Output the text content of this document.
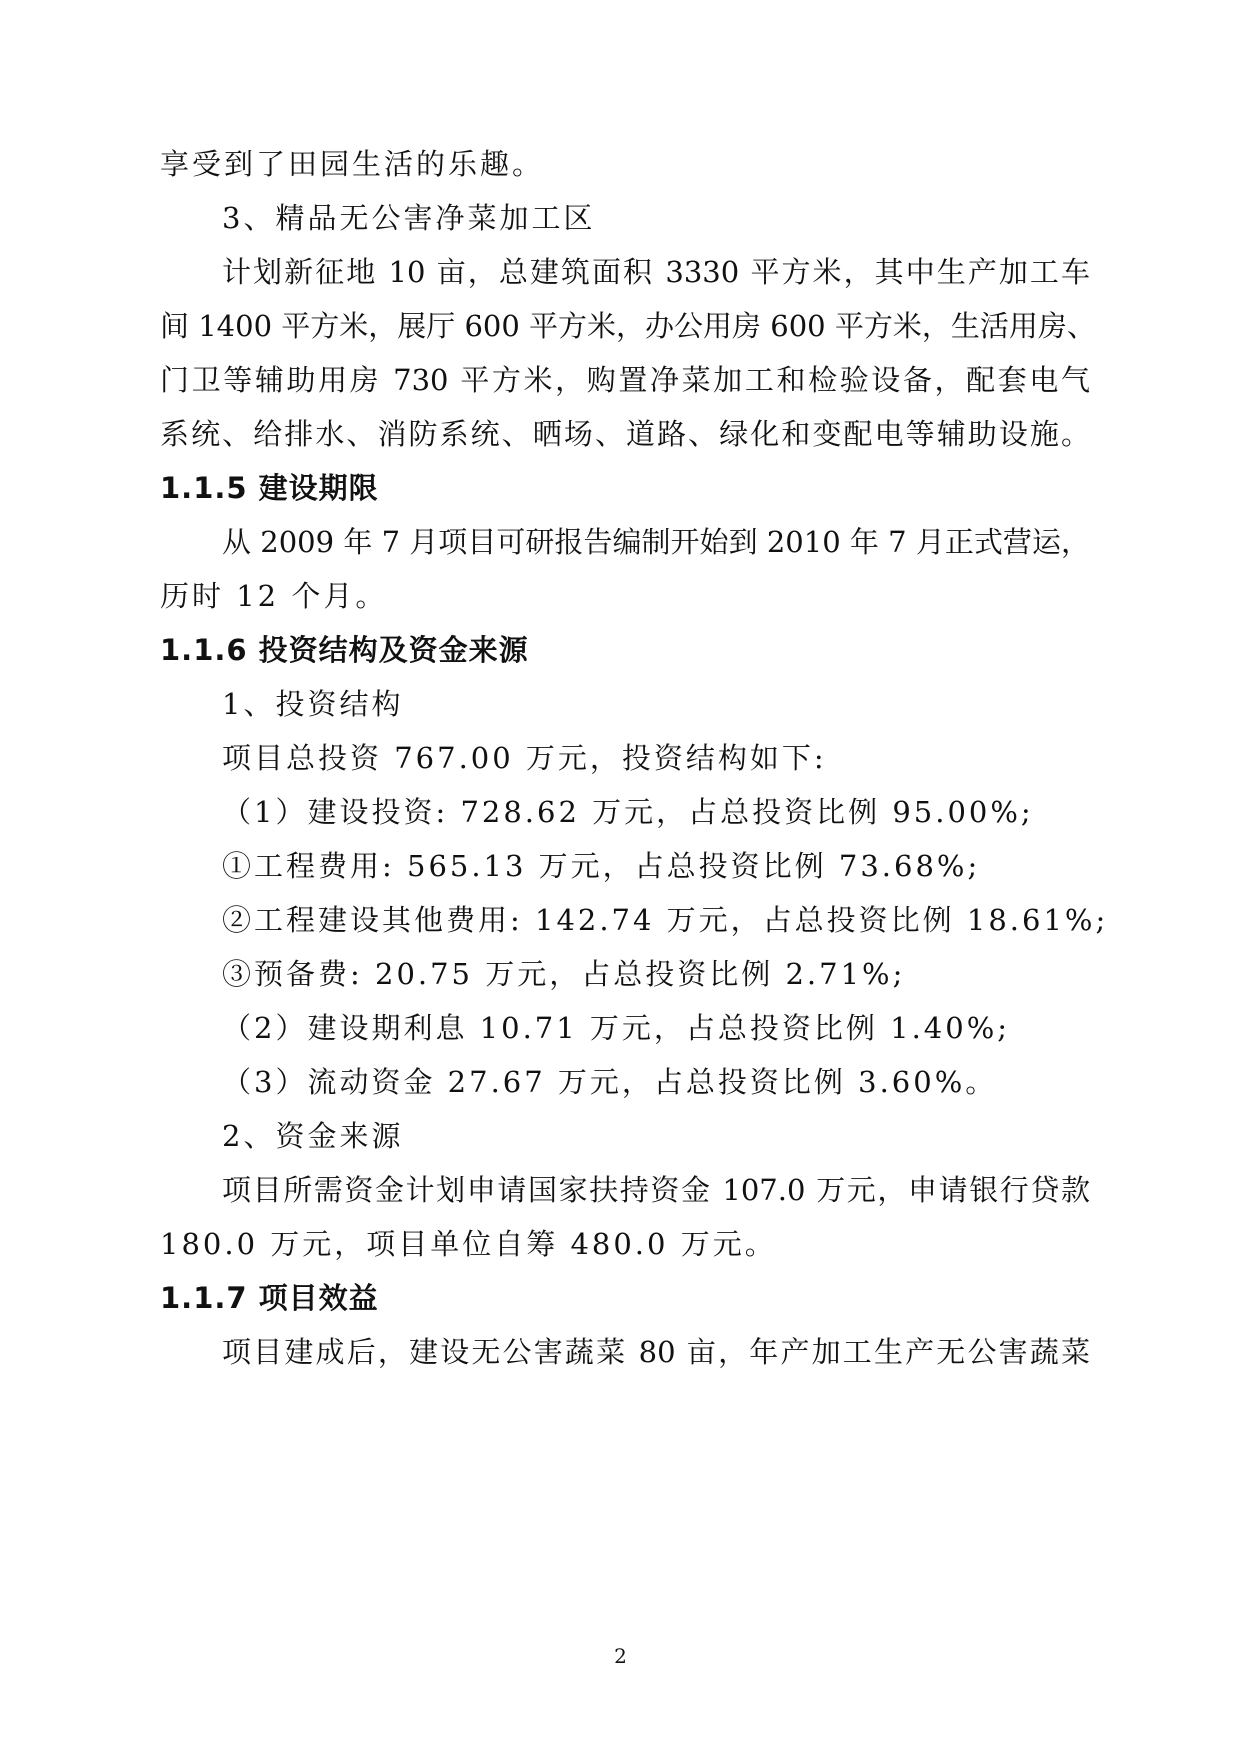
享受到了田园生活的乐趣。
3、精品无公害净菜加工区
计划新征地 10 亩，总建筑面积 3330 平方米，其中生产加工车
间 1400 平方米，展厅 600 平方米，办公用房 600 平方米，生活用房、
门卫等辅助用房 730 平方米，购置净菜加工和检验设备，配套电气
系统、给排水、消防系统、晒场、道路、绿化和变配电等辅助设施。
1.1.5 建设期限
从 2009 年 7 月项目可研报告编制开始到 2010 年 7 月正式营运，
历时 12 个月。
1.1.6 投资结构及资金来源
1、投资结构
项目总投资 767.00 万元，投资结构如下:
（1）建设投资: 728.62 万元，占总投资比例 95.00%;
①工程费用: 565.13 万元，占总投资比例 73.68%;
②工程建设其他费用: 142.74 万元，占总投资比例 18.61%;
③预备费: 20.75 万元，占总投资比例 2.71%;
（2）建设期利息 10.71 万元，占总投资比例 1.40%;
（3）流动资金 27.67 万元，占总投资比例 3.60%。
2、资金来源
项目所需资金计划申请国家扶持资金 107.0 万元，申请银行贷款
180.0 万元，项目单位自筹 480.0 万元。
1.1.7 项目效益
项目建成后，建设无公害蔬菜 80 亩，年产加工生产无公害蔬菜
2
